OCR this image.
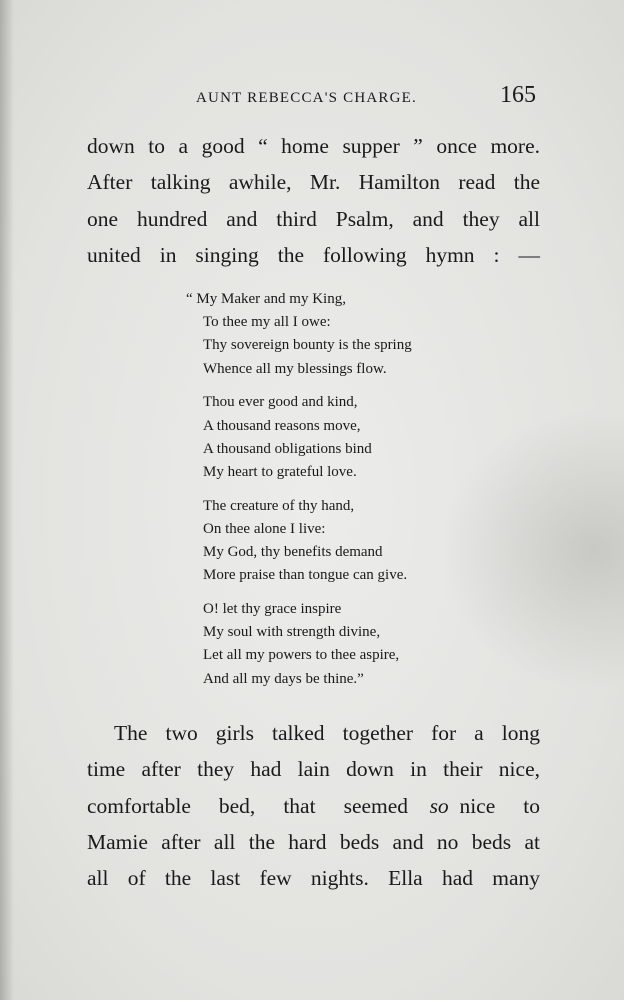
AUNT REBECCA'S CHARGE.	165
down to a good “ home supper ” once more.
After talking awhile, Mr. Hamilton read the
one hundred and third Psalm, and they all
united in singing the following hymn : —
“ My Maker and my King,
To thee my all I owe:
Thy sovereign bounty is the spring
Whence all my blessings flow.
Thou ever good and kind,
A thousand reasons move,
A thousand obligations bind
My heart to grateful love.
The creature of thy hand,
On thee alone I live:
My God, thy benefits demand
More praise than tongue can give.
O! let thy grace inspire
My soul with strength divine,
Let all my powers to thee aspire,
And all my days be thine.”
The two girls talked together for a long
time after they had lain down in their nice,
comfortable bed, that seemed  so  nice to
Mamie after all the hard beds and no beds at
all of the last few nights. Ella had many
